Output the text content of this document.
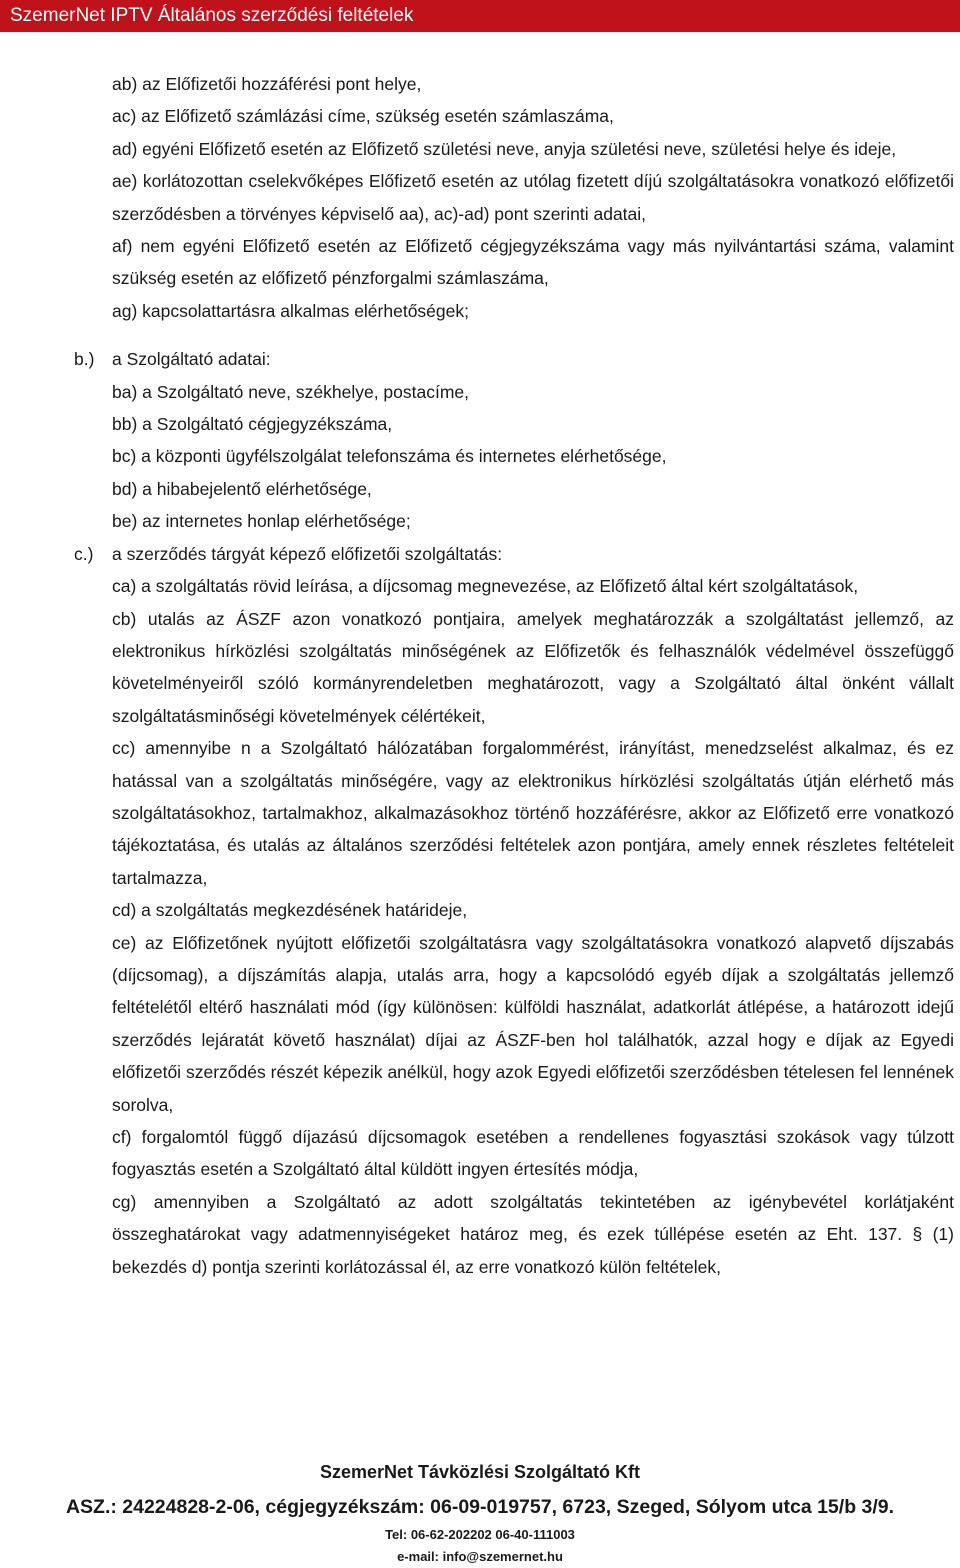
SzemerNet IPTV Általános szerződési feltételek

ab) az Előfizetői hozzáférési pont helye,

ac) az Előfizető számlázási címe, szükség esetén számlaszáma,

ad) egyéni Előfizető esetén az Előfizető születési neve, anyja születési neve, születési helye és ideje,

ae) korlátozottan cselekvőképes Előfizető esetén az utólag fizetett díjú szolgáltatásokra vonatkozó előfizetői szerződésben a törvényes képviselő aa), ac)-ad) pont szerinti adatai,

af) nem egyéni Előfizető esetén az Előfizető cégjegyzékszáma vagy más nyilvántartási száma, valamint szükség esetén az előfizető pénzforgalmi számlaszáma,

ag) kapcsolattartásra alkalmas elérhetőségek;

b.) a Szolgáltató adatai:

ba) a Szolgáltató neve, székhelye, postacíme,

bb) a Szolgáltató cégjegyzékszáma,

bc) a központi ügyfélszolgálat telefonszáma és internetes elérhetősége,

bd) a hibabejelentő elérhetősége,

be) az internetes honlap elérhetősége;

c.) a szerződés tárgyát képező előfizetői szolgáltatás:

ca) a szolgáltatás rövid leírása, a díjcsomag megnevezése, az Előfizető által kért szolgáltatások,

cb) utalás az ÁSZF azon vonatkozó pontjaira, amelyek meghatározzák a szolgáltatást jellemző, az elektronikus hírközlési szolgáltatás minőségének az Előfizetők és felhasználók védelmével összefüggő követelményeiről szóló kormányrendeletben meghatározott, vagy a Szolgáltató által önként vállalt szolgáltatásminőségi követelmények célértékeit,

cc) amennyibe n a Szolgáltató hálózatában forgalommérést, irányítást, menedzselést alkalmaz, és ez hatással van a szolgáltatás minőségére, vagy az elektronikus hírközlési szolgáltatás útján elérhető más szolgáltatásokhoz, tartalmakhoz, alkalmazásokhoz történő hozzáférésre, akkor az Előfizető erre vonatkozó tájékoztatása, és utalás az általános szerződési feltételek azon pontjára, amely ennek részletes feltételeit tartalmazza,

cd) a szolgáltatás megkezdésének határideje,

ce) az Előfizetőnek nyújtott előfizetői szolgáltatásra vagy szolgáltatásokra vonatkozó alapvető díjszabás (díjcsomag), a díjszámítás alapja, utalás arra, hogy a kapcsolódó egyéb díjak a szolgáltatás jellemző feltételétől eltérő használati mód (így különösen: külföldi használat, adatkorlát átlépése, a határozott idejű szerződés lejáratát követő használat) díjai az ÁSZF-ben hol találhatók, azzal hogy e díjak az Egyedi előfizetői szerződés részét képezik anélkül, hogy azok Egyedi előfizetői szerződésben tételesen fel lennének sorolva,

cf) forgalomtól függő díjazású díjcsomagok esetében a rendellenes fogyasztási szokások vagy túlzott fogyasztás esetén a Szolgáltató által küldött ingyen értesítés módja,

cg) amennyiben a Szolgáltató az adott szolgáltatás tekintetében az igénybevétel korlátjaként összeghatárokat vagy adatmennyiségeket határoz meg, és ezek túllépése esetén az Eht. 137. § (1) bekezdés d) pontja szerinti korlátozással él, az erre vonatkozó külön feltételek,

SzemerNet Távközlési Szolgáltató Kft
ASZ.: 24224828-2-06, cégjegyzékszám: 06-09-019757, 6723, Szeged, Sólyom utca 15/b 3/9.
Tel: 06-62-202202 06-40-111003
e-mail: info@szemernet.hu
